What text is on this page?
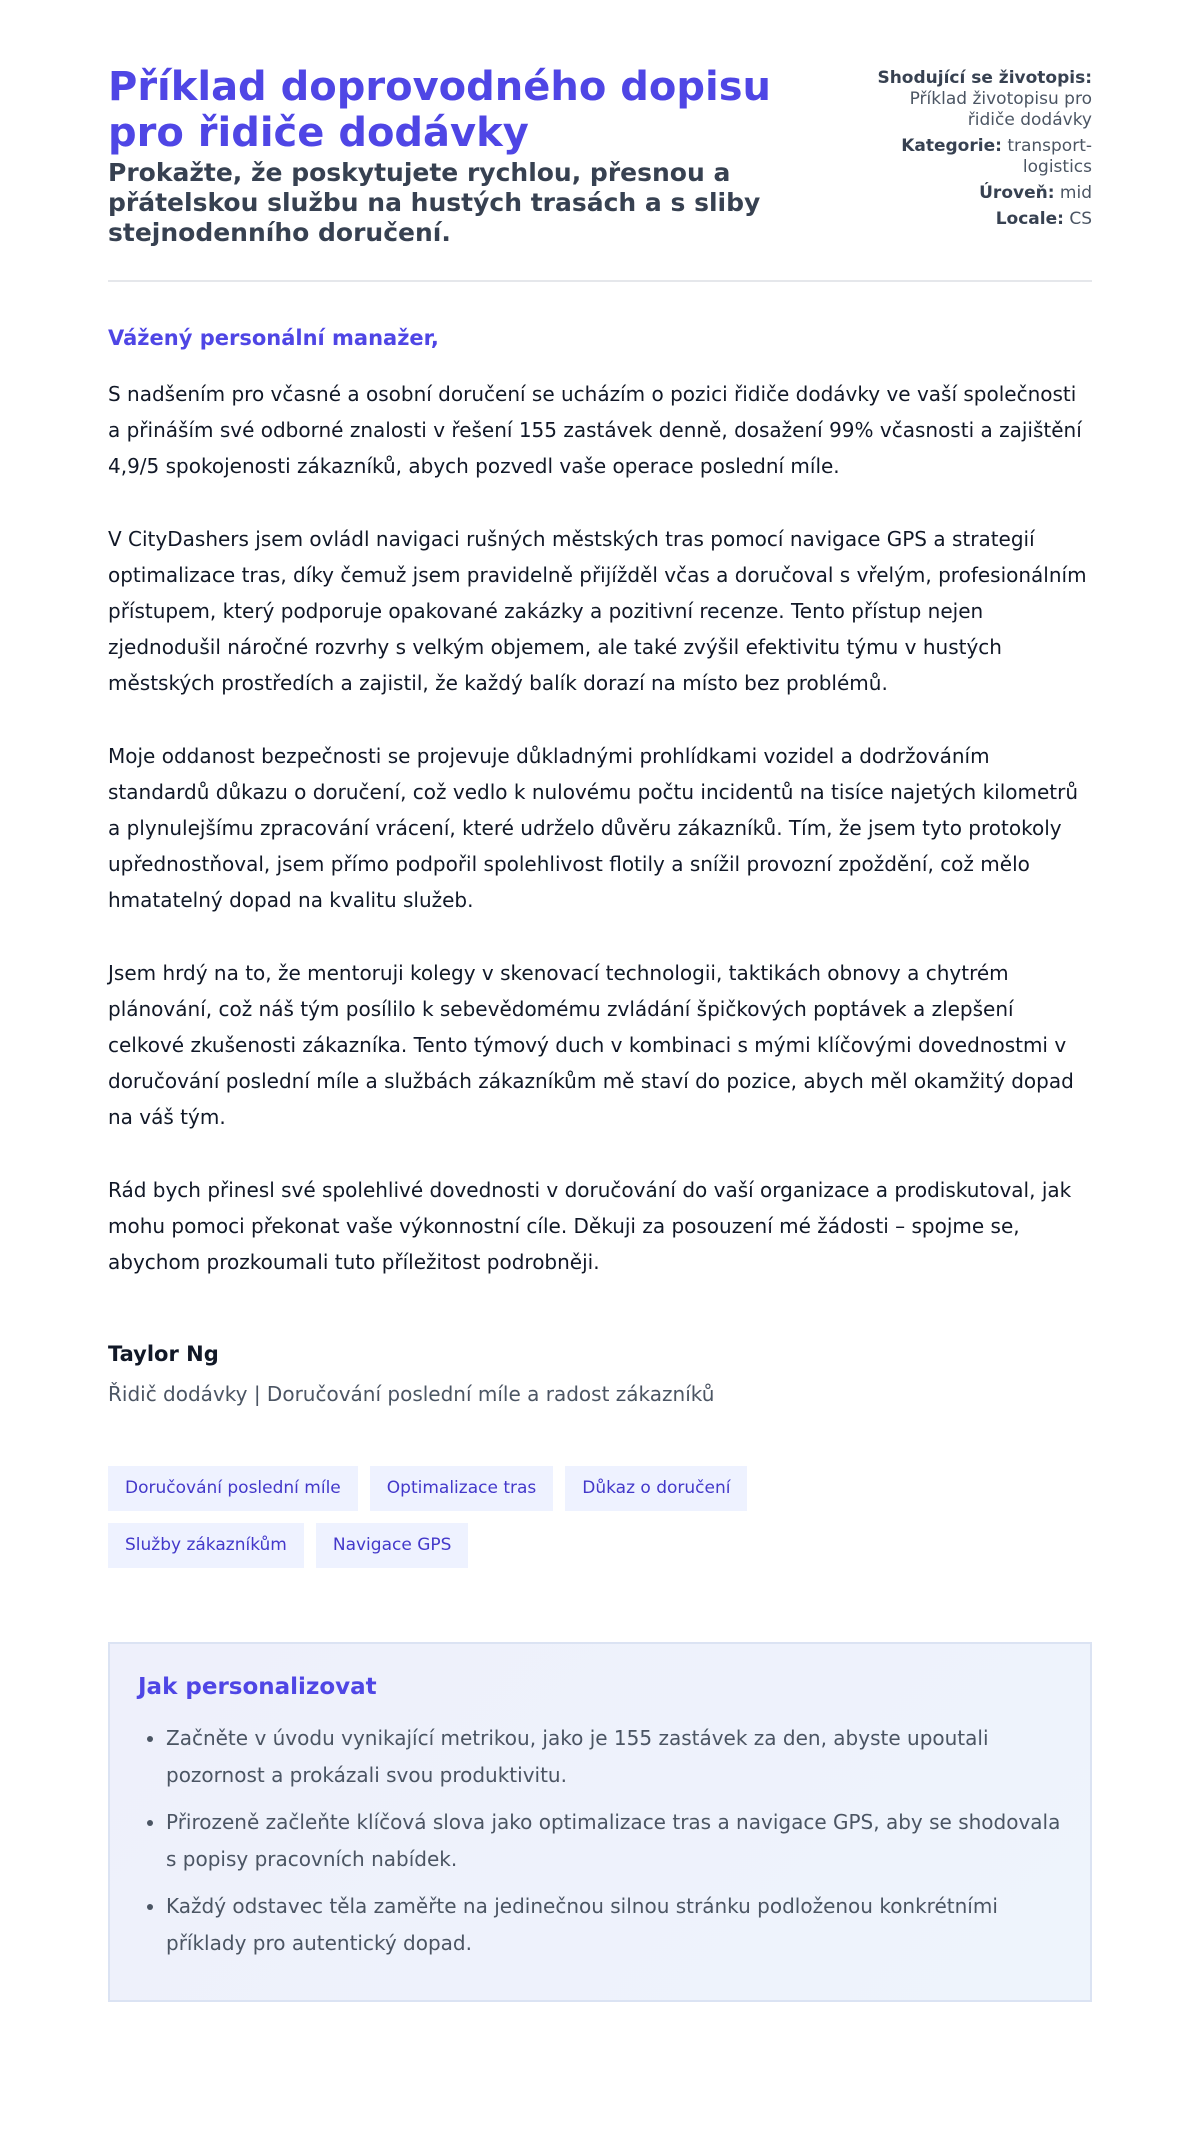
Příklad doprovodného dopisu pro řidiče dodávky

Prokažte, že poskytujete rychlou, přesnou a přátelskou službu na hustých trasách a s sliby stejnodenního doručení.

Shodující se životopis: Příklad životopisu pro řidiče dodávky
Kategorie: transport-logistics
Úroveň: mid
Locale: CS

Vážený personální manažer,

S nadšením pro včasné a osobní doručení se ucházím o pozici řidiče dodávky ve vaší společnosti a přináším své odborné znalosti v řešení 155 zastávek denně, dosažení 99% včasnosti a zajištění 4,9/5 spokojenosti zákazníků, abych pozvedl vaše operace poslední míle.

V CityDashers jsem ovládl navigaci rušných městských tras pomocí navigace GPS a strategií optimalizace tras, díky čemuž jsem pravidelně přijížděl včas a doručoval s vřelým, profesionálním přístupem, který podporuje opakované zakázky a pozitivní recenze. Tento přístup nejen zjednodušil náročné rozvrhy s velkým objemem, ale také zvýšil efektivitu týmu v hustých městských prostředích a zajistil, že každý balík dorazí na místo bez problémů.

Moje oddanost bezpečnosti se projevuje důkladnými prohlídkami vozidel a dodržováním standardů důkazu o doručení, což vedlo k nulovému počtu incidentů na tisíce najetých kilometrů a plynulejšímu zpracování vrácení, které udrželo důvěru zákazníků. Tím, že jsem tyto protokoly upřednostňoval, jsem přímo podpořil spolehlivost flotily a snížil provozní zpoždění, což mělo hmatatelný dopad na kvalitu služeb.

Jsem hrdý na to, že mentoruji kolegy v skenovací technologii, taktikách obnovy a chytrém plánování, což náš tým posílilo k sebevědomému zvládání špičkových poptávek a zlepšení celkové zkušenosti zákazníka. Tento týmový duch v kombinaci s mými klíčovými dovednostmi v doručování poslední míle a službách zákazníkům mě staví do pozice, abych měl okamžitý dopad na váš tým.

Rád bych přinesl své spolehlivé dovednosti v doručování do vaší organizace a prodiskutoval, jak mohu pomoci překonat vaše výkonnostní cíle. Děkuji za posouzení mé žádosti – spojme se, abychom prozkoumali tuto příležitost podrobněji.

Taylor Ng

Řidič dodávky | Doručování poslední míle a radost zákazníků

Doručování poslední míle	Optimalizace tras	Důkaz o doručení
Služby zákazníkům	Navigace GPS
Jak personalizovat
• Začněte v úvodu vynikající metrikou, jako je 155 zastávek za den, abyste upoutali pozornost a prokázali svou produktivitu.
• Přirozeně začleňte klíčová slova jako optimalizace tras a navigace GPS, aby se shodovala s popisy pracovních nabídek.
• Každý odstavec těla zaměřte na jedinečnou silnou stránku podloženou konkrétními příklady pro autentický dopad.
